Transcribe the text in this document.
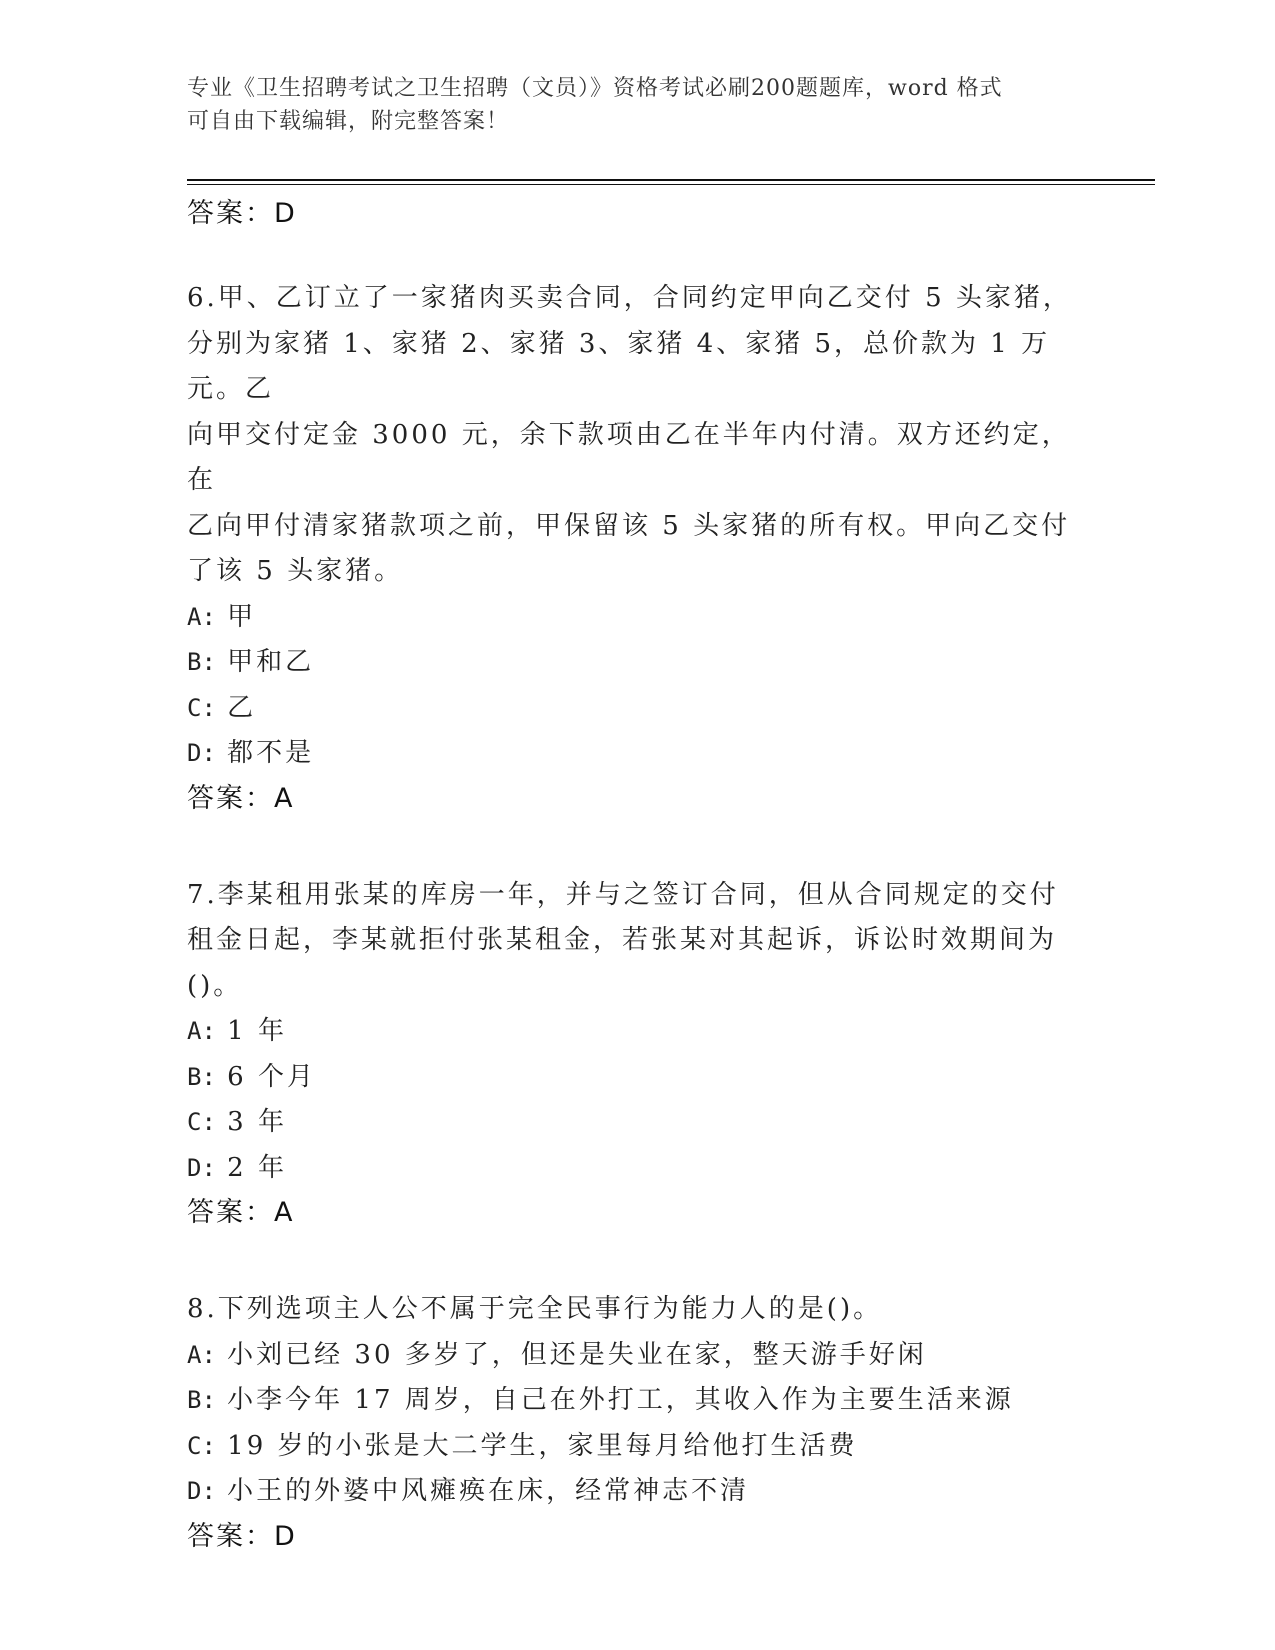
专业《卫生招聘考试之卫生招聘（文员）》资格考试必刷200题题库，word 格式
可自由下载编辑，附完整答案！
答案：D
6.甲、乙订立了一家猪肉买卖合同，合同约定甲向乙交付 5 头家猪，
分别为家猪 1、家猪 2、家猪 3、家猪 4、家猪 5，总价款为 1 万元。乙
向甲交付定金 3000 元，余下款项由乙在半年内付清。双方还约定，在
乙向甲付清家猪款项之前，甲保留该 5 头家猪的所有权。甲向乙交付
了该 5 头家猪。
A: 甲
B: 甲和乙
C: 乙
D: 都不是
答案：A
7.李某租用张某的库房一年，并与之签订合同，但从合同规定的交付
租金日起，李某就拒付张某租金，若张某对其起诉，诉讼时效期间为
()。
A: 1 年
B: 6 个月
C: 3 年
D: 2 年
答案：A
8.下列选项主人公不属于完全民事行为能力人的是()。
A: 小刘已经 30 多岁了，但还是失业在家，整天游手好闲
B: 小李今年 17 周岁，自己在外打工，其收入作为主要生活来源
C: 19 岁的小张是大二学生，家里每月给他打生活费
D: 小王的外婆中风瘫痪在床，经常神志不清
答案：D
